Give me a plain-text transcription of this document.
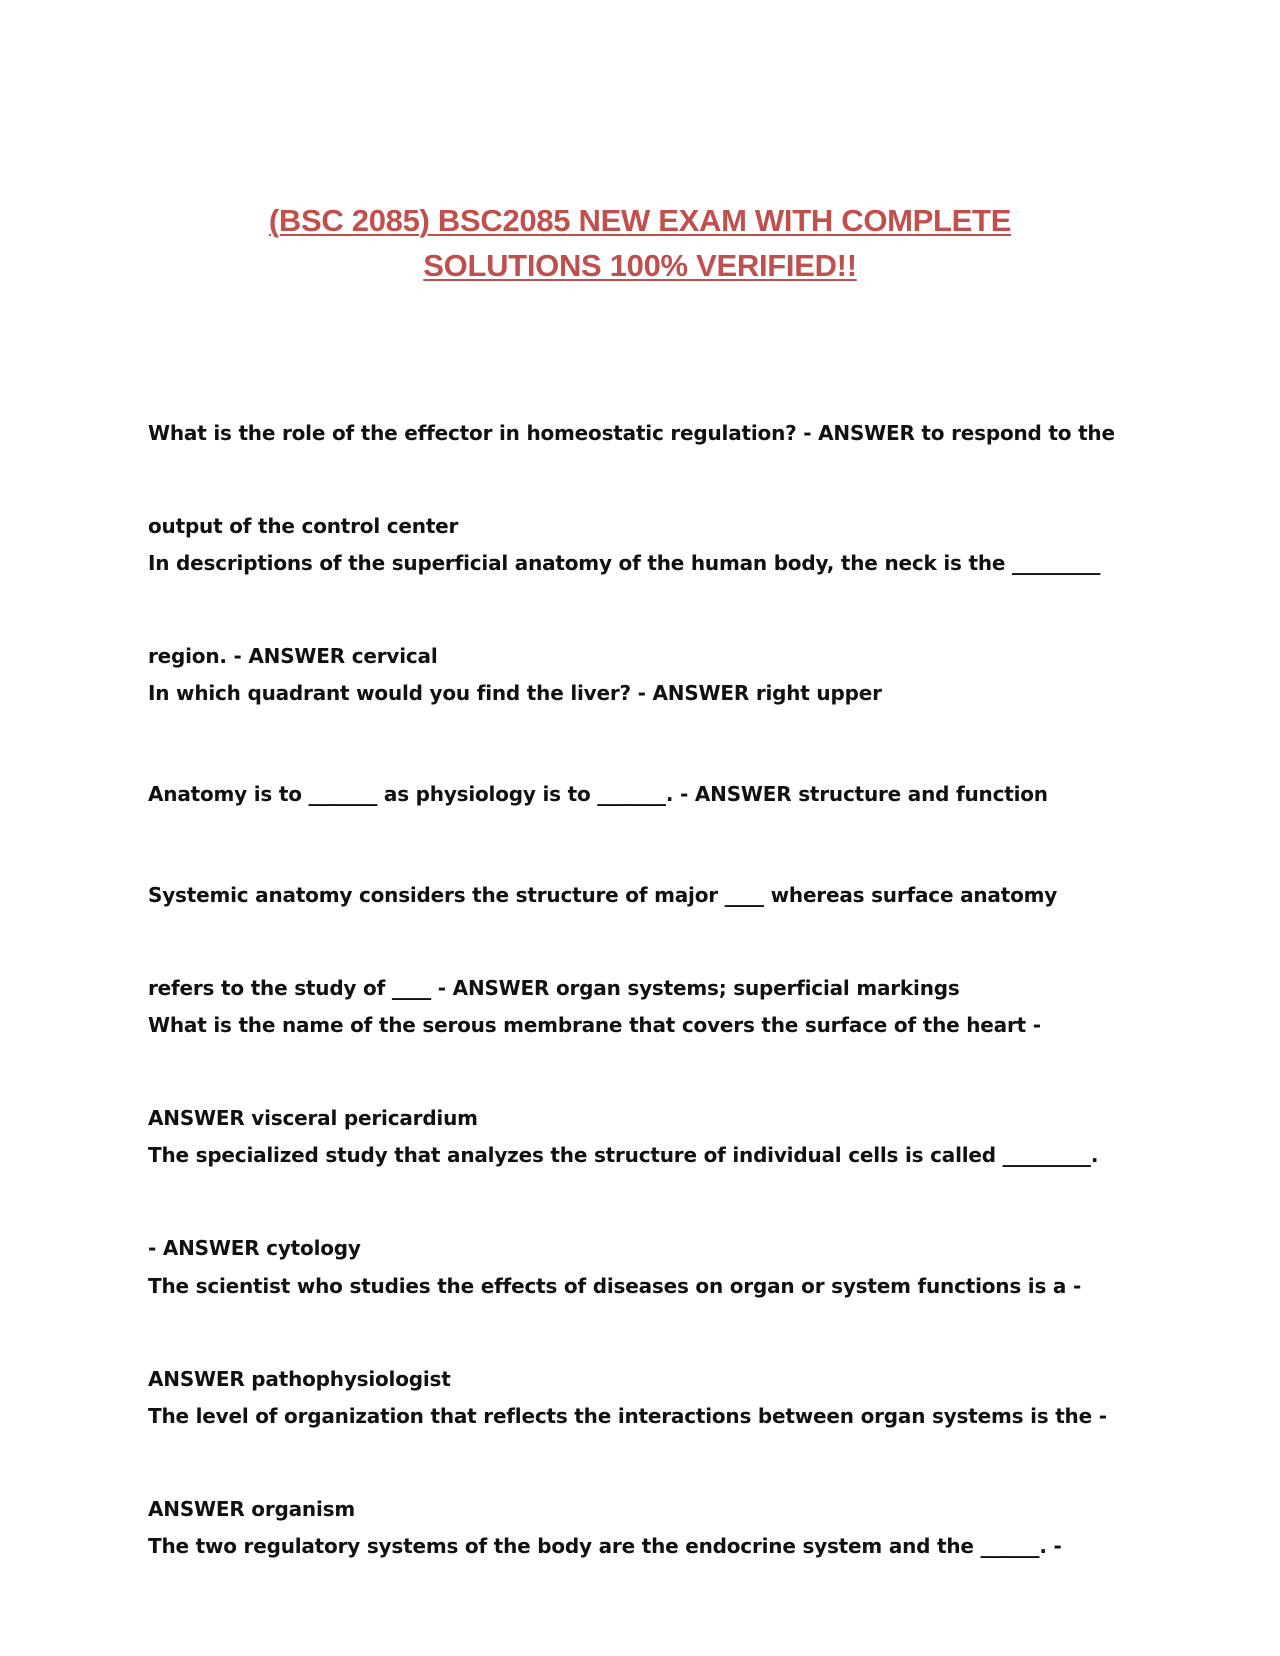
(BSC 2085) BSC2085 NEW EXAM WITH COMPLETE
SOLUTIONS 100% VERIFIED!!

What is the role of the effector in homeostatic regulation? - ANSWER to respond to the

output of the control center

In descriptions of the superficial anatomy of the human body, the neck is the _________

region. - ANSWER cervical

In which quadrant would you find the liver? - ANSWER right upper

Anatomy is to _______ as physiology is to _______. - ANSWER structure and function

Systemic anatomy considers the structure of major ____ whereas surface anatomy

refers to the study of ____ - ANSWER organ systems; superficial markings

What is the name of the serous membrane that covers the surface of the heart -

ANSWER visceral pericardium

The specialized study that analyzes the structure of individual cells is called _________.

- ANSWER cytology

The scientist who studies the effects of diseases on organ or system functions is a -

ANSWER pathophysiologist

The level of organization that reflects the interactions between organ systems is the -

ANSWER organism

The two regulatory systems of the body are the endocrine system and the ______. -
